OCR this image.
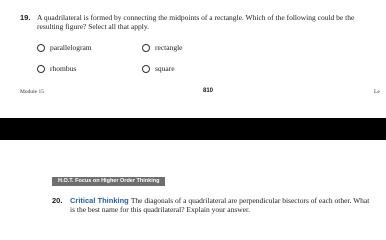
19. A quadrilateral is formed by connecting the midpoints of a rectangle. Which of the following could be the resulting figure? Select all that apply.
parallelogram	rectangle
rhombus	square
Module 15	810	Le
H.O.T. Focus on Higher Order Thinking
20. Critical Thinking The diagonals of a quadrilateral are perpendicular bisectors of each other. What is the best name for this quadrilateral? Explain your answer.
